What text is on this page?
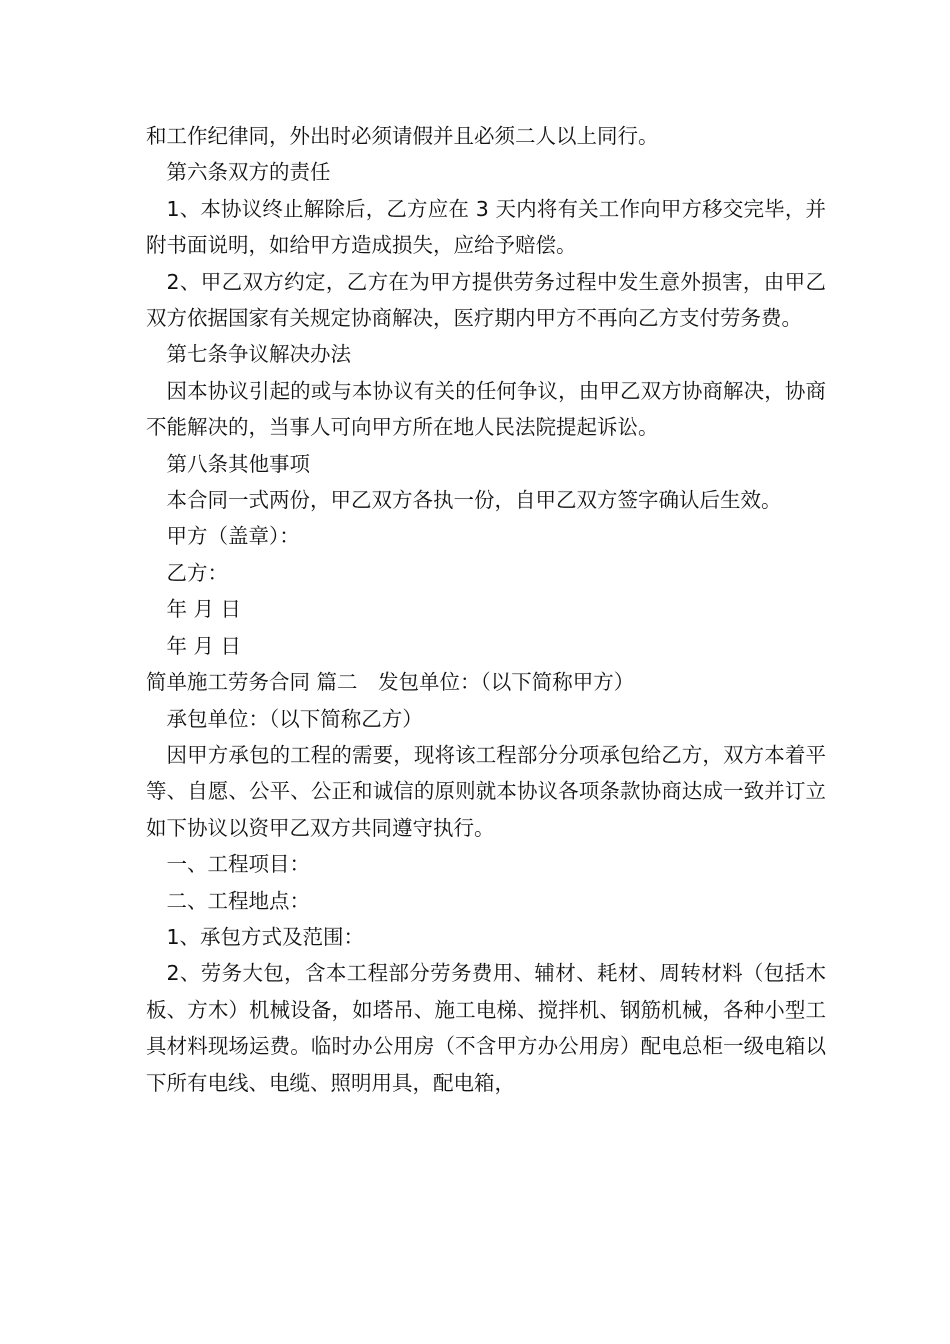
和工作纪律同，外出时必须请假并且必须二人以上同行。

第六条双方的责任

1、本协议终止解除后，乙方应在 3 天内将有关工作向甲方移交完毕，并附书面说明，如给甲方造成损失，应给予赔偿。

2、甲乙双方约定，乙方在为甲方提供劳务过程中发生意外损害，由甲乙双方依据国家有关规定协商解决，医疗期内甲方不再向乙方支付劳务费。

第七条争议解决办法

因本协议引起的或与本协议有关的任何争议，由甲乙双方协商解决，协商不能解决的，当事人可向甲方所在地人民法院提起诉讼。

第八条其他事项

本合同一式两份，甲乙双方各执一份，自甲乙双方签字确认后生效。

甲方（盖章）：

乙方：

年 月 日

年 月 日

简单施工劳务合同 篇二　发包单位：（以下简称甲方）

承包单位：（以下简称乙方）

因甲方承包的工程的需要，现将该工程部分分项承包给乙方，双方本着平等、自愿、公平、公正和诚信的原则就本协议各项条款协商达成一致并订立如下协议以资甲乙双方共同遵守执行。

一、工程项目：

二、工程地点：

1、承包方式及范围：

2、劳务大包，含本工程部分劳务费用、辅材、耗材、周转材料（包括木板、方木）机械设备，如塔吊、施工电梯、搅拌机、钢筋机械，各种小型工具材料现场运费。临时办公用房（不含甲方办公用房）配电总柜一级电箱以下所有电线、电缆、照明用具，配电箱，
